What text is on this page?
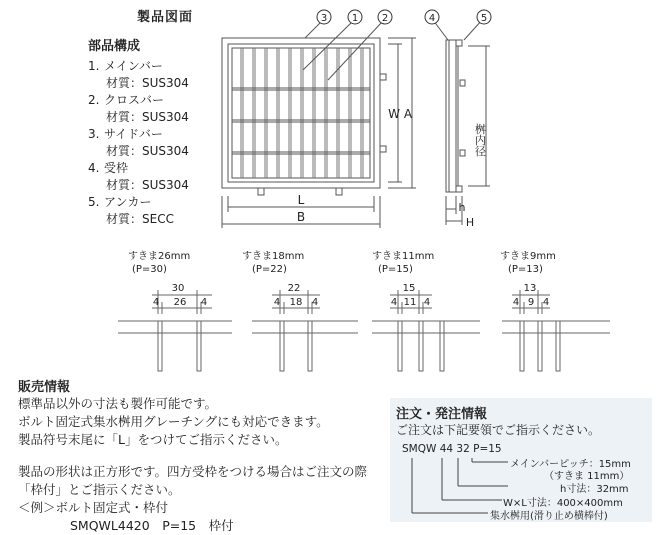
製品図面
部品構成
1. メインバー
材質：SUS304
2. クロスバー
材質：SUS304
3. サイドバー
材質：SUS304
4. 受枠
材質：SUS304
5. アンカー
材質：SECC
3 1 2	4	5
L
B
W A
h
H
桝内径
すきま26mm
(P=30)
すきま18mm
(P=22)
すきま11mm
(P=15)
すきま9mm
(P=13)
30
4 26 4
22
4 18 4
15
4 11 4
13
4 9 4
販売情報
標準品以外の寸法も製作可能です。
ボルト固定式集水桝用グレーチングにも対応できます。
製品符号末尾に「L」をつけてご指示ください。
製品の形状は正方形です。四方受枠をつける場合はご注文の際
「枠付」とご指示ください。
＜例＞ボルト固定式・枠付
SMQWL4420　P=15　枠付
注文・発注情報
ご注文は下記要領でご指示ください。
SMQW 44 32 P=15
メインバーピッチ：15mm
（すきま 11mm）
h寸法：32mm
W×L寸法：400×400mm
集水桝用(滑り止め横棒付)
